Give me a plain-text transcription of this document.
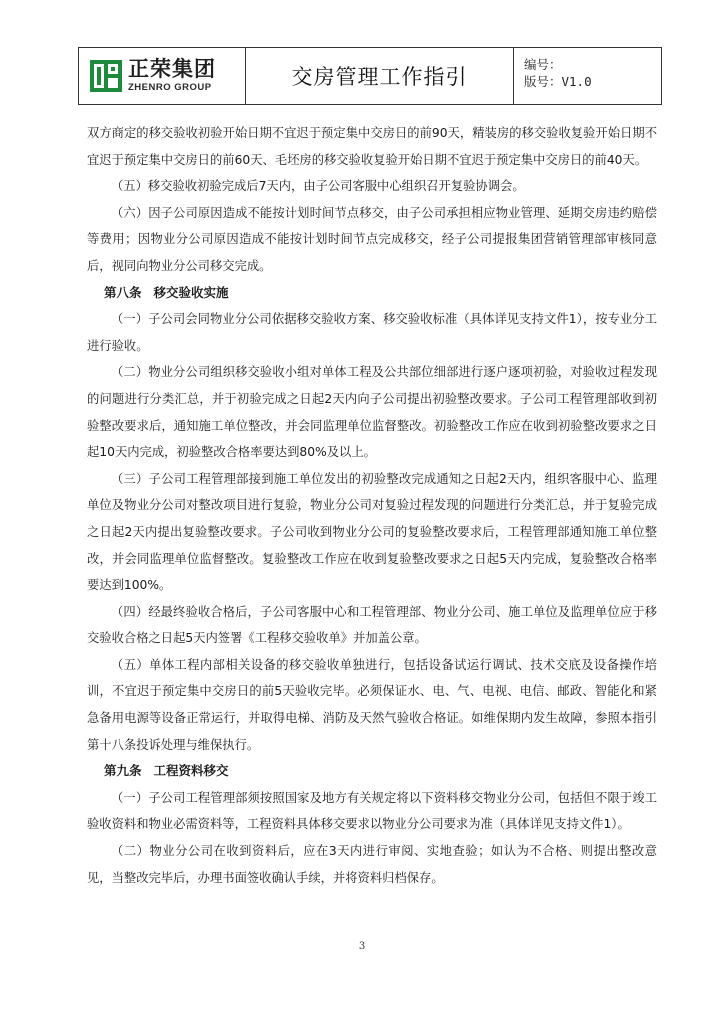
正荣集团
ZHENRO GROUP	交房管理工作指引
编号：
版号：V1.0

双方商定的移交验收初验开始日期不宜迟于预定集中交房日的前90天，精装房的移交验收复验开始日期不宜迟于预定集中交房日的前60天、毛坯房的移交验收复验开始日期不宜迟于预定集中交房日的前40天。

（五）移交验收初验完成后7天内，由子公司客服中心组织召开复验协调会。

（六）因子公司原因造成不能按计划时间节点移交，由子公司承担相应物业管理、延期交房违约赔偿等费用；因物业分公司原因造成不能按计划时间节点完成移交，经子公司提报集团营销管理部审核同意后，视同向物业分公司移交完成。

第八条 移交验收实施

（一）子公司会同物业分公司依据移交验收方案、移交验收标准（具体详见支持文件1），按专业分工进行验收。

（二）物业分公司组织移交验收小组对单体工程及公共部位细部进行逐户逐项初验，对验收过程发现的问题进行分类汇总，并于初验完成之日起2天内向子公司提出初验整改要求。子公司工程管理部收到初验整改要求后，通知施工单位整改，并会同监理单位监督整改。初验整改工作应在收到初验整改要求之日起10天内完成，初验整改合格率要达到80%及以上。

（三）子公司工程管理部接到施工单位发出的初验整改完成通知之日起2天内，组织客服中心、监理单位及物业分公司对整改项目进行复验，物业分公司对复验过程发现的问题进行分类汇总，并于复验完成之日起2天内提出复验整改要求。子公司收到物业分公司的复验整改要求后，工程管理部通知施工单位整改，并会同监理单位监督整改。复验整改工作应在收到复验整改要求之日起5天内完成，复验整改合格率要达到100%。

（四）经最终验收合格后，子公司客服中心和工程管理部、物业分公司、施工单位及监理单位应于移交验收合格之日起5天内签署《工程移交验收单》并加盖公章。

（五）单体工程内部相关设备的移交验收单独进行，包括设备试运行调试、技术交底及设备操作培训，不宜迟于预定集中交房日的前5天验收完毕。必须保证水、电、气、电视、电信、邮政、智能化和紧急备用电源等设备正常运行，并取得电梯、消防及天然气验收合格证。如维保期内发生故障，参照本指引第十八条投诉处理与维保执行。

第九条 工程资料移交

（一）子公司工程管理部须按照国家及地方有关规定将以下资料移交物业分公司，包括但不限于竣工验收资料和物业必需资料等，工程资料具体移交要求以物业分公司要求为准（具体详见支持文件1）。

（二）物业分公司在收到资料后，应在3天内进行审阅、实地查验；如认为不合格、则提出整改意见，当整改完毕后，办理书面签收确认手续，并将资料归档保存。

3
